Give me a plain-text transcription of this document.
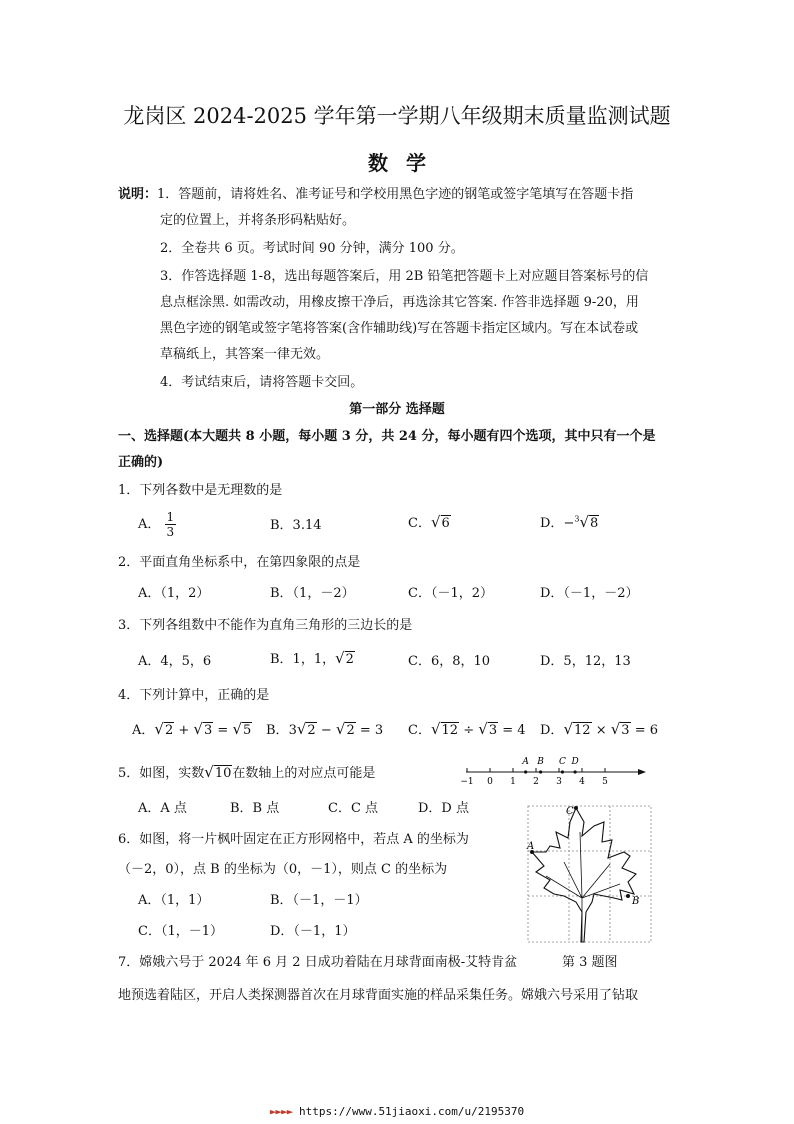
龙岗区 2024-2025 学年第一学期八年级期末质量监测试题
数学
说明：1．答题前，请将姓名、准考证号和学校用黑色字迹的钢笔或签字笔填写在答题卡指
定的位置上，并将条形码粘贴好。
2．全卷共 6 页。考试时间 90 分钟，满分 100 分。
3．作答选择题 1-8，选出每题答案后，用 2B 铅笔把答题卡上对应题目答案标号的信
息点框涂黑. 如需改动，用橡皮擦干净后，再选涂其它答案. 作答非选择题 9-20，用
黑色字迹的钢笔或签字笔将答案(含作辅助线)写在答题卡指定区域内。写在本试卷或
草稿纸上，其答案一律无效。
4．考试结束后，请将答题卡交回。
第一部分 选择题
一、选择题(本大题共 8 小题，每小题 3 分，共 24 分，每小题有四个选项，其中只有一个是
正确的)
1．下列各数中是无理数的是
A． $\frac{1}{3}$	B．3.14	C．√6	D．−$^3$√8
2．平面直角坐标系中，在第四象限的点是
A．（1，2）	B．（1，－2）	C．（－1，2）	D．（－1，－2）
3．下列各组数中不能作为直角三角形的三边长的是
A．4，5，6	B．1，1，√2	C．6，8，10	D．5，12，13
4．下列计算中，正确的是
A．√2 + √3 = √5 B．3√2 − √2 = 3 C．√12 ÷ √3 = 4 D．√12 × √3 = 6
5．如图，实数√10在数轴上的对应点可能是
−1 0 1 2 3 4 5
A B C D
A．A 点	B．B 点	C．C 点	D．D 点
6．如图，将一片枫叶固定在正方形网格中，若点 A 的坐标为
（－2，0），点 B 的坐标为（0，－1），则点 C 的坐标为
A．（1，1）	B．（－1，－1）
C．（1，－1）	D．（－1，1）
C
A
B
第 3 题图
7．嫦娥六号于 2024 年 6 月 2 日成功着陆在月球背面南极-艾特肯盆
地预选着陆区，开启人类探测器首次在月球背面实施的样品采集任务。嫦娥六号采用了钻取
►►►► https://www.51jiaoxi.com/u/2195370
